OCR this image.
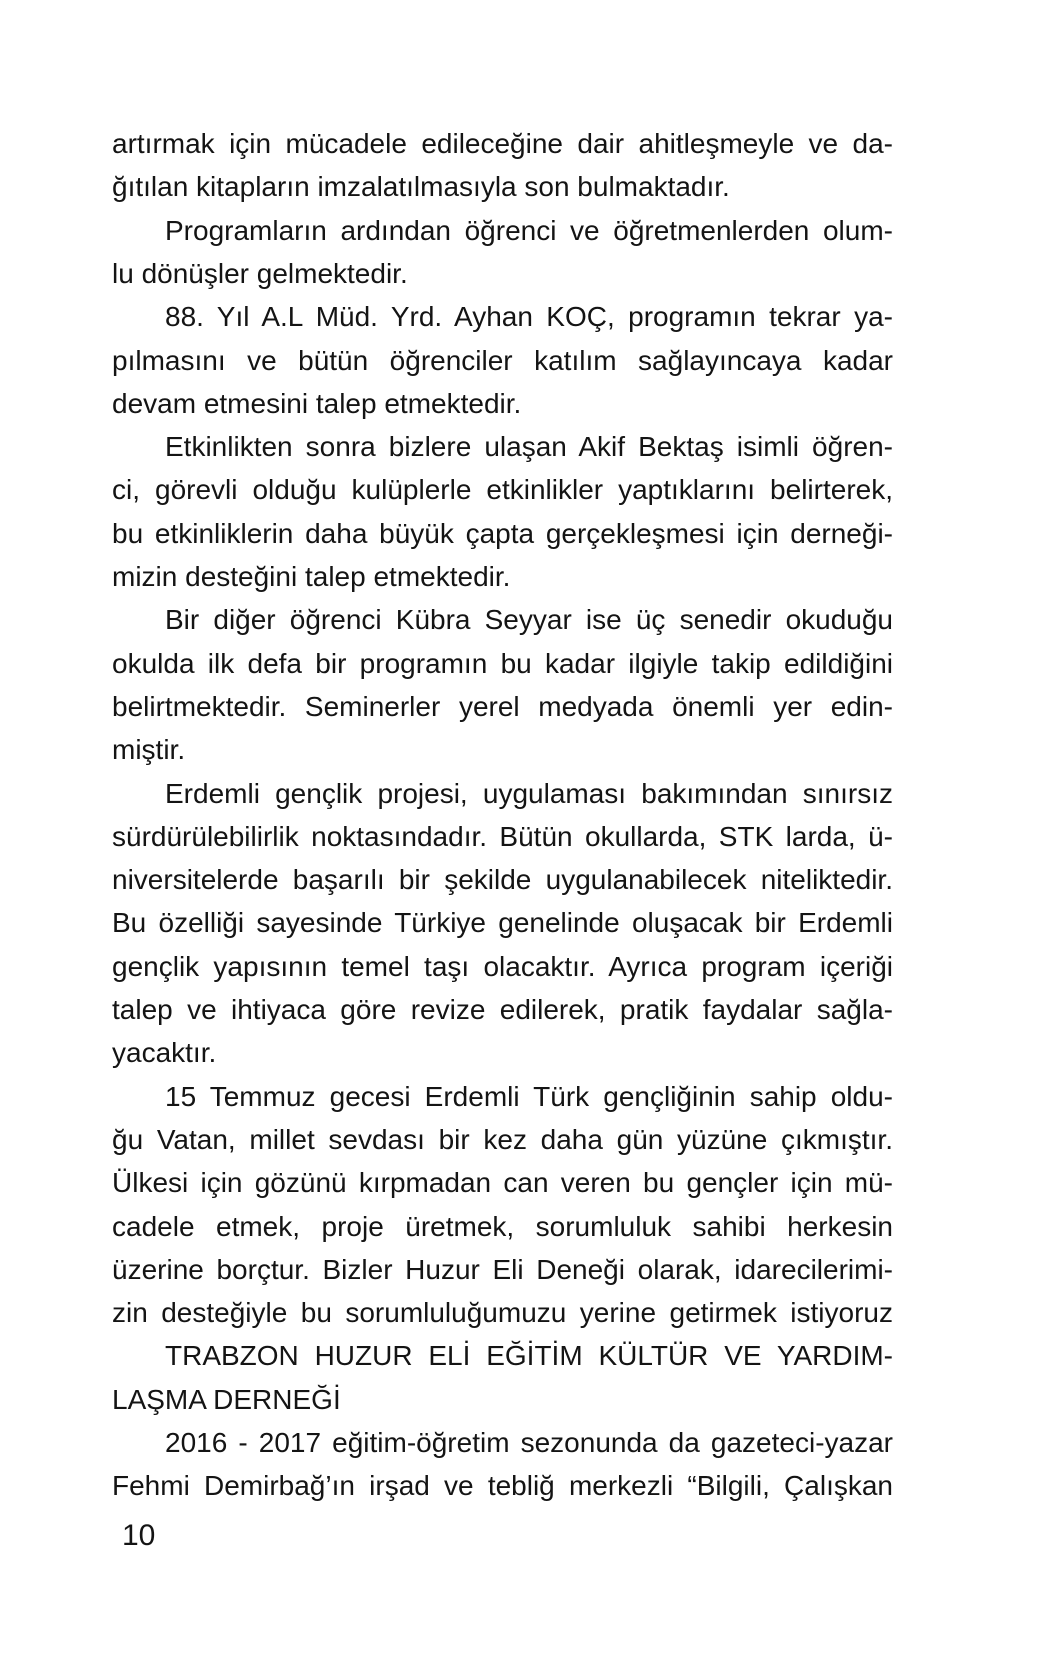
artırmak için mücadele edileceğine dair ahitleşmeyle ve da-
ğıtılan kitapların imzalatılmasıyla son bulmaktadır.
Programların ardından öğrenci ve öğretmenlerden olum-
lu dönüşler gelmektedir.
88. Yıl A.L Müd. Yrd. Ayhan KOÇ, programın tekrar ya-
pılmasını ve bütün öğrenciler katılım sağlayıncaya kadar
devam etmesini talep etmektedir.
Etkinlikten sonra bizlere ulaşan Akif Bektaş isimli öğren-
ci, görevli olduğu kulüplerle etkinlikler yaptıklarını belirterek,
bu etkinliklerin daha büyük çapta gerçekleşmesi için derneği-
mizin desteğini talep etmektedir.
Bir diğer öğrenci Kübra Seyyar ise üç senedir okuduğu
okulda ilk defa bir programın bu kadar ilgiyle takip edildiğini
belirtmektedir. Seminerler yerel medyada önemli yer edin-
miştir.
Erdemli gençlik projesi, uygulaması bakımından sınırsız
sürdürülebilirlik noktasındadır. Bütün okullarda, STK larda, ü-
niversitelerde başarılı bir şekilde uygulanabilecek niteliktedir.
Bu özelliği sayesinde Türkiye genelinde oluşacak bir Erdemli
gençlik yapısının temel taşı olacaktır. Ayrıca program içeriği
talep ve ihtiyaca göre revize edilerek, pratik faydalar sağla-
yacaktır.
15 Temmuz gecesi Erdemli Türk gençliğinin sahip oldu-
ğu Vatan, millet sevdası bir kez daha gün yüzüne çıkmıştır.
Ülkesi için gözünü kırpmadan can veren bu gençler için mü-
cadele etmek, proje üretmek, sorumluluk sahibi herkesin
üzerine borçtur. Bizler Huzur Eli Deneği olarak, idarecilerimi-
zin desteğiyle bu sorumluluğumuzu yerine getirmek istiyoruz
TRABZON HUZUR ELİ EĞİTİM KÜLTÜR VE YARDIM-
LAŞMA DERNEĞİ
2016 - 2017 eğitim-öğretim sezonunda da gazeteci-yazar
Fehmi Demirbağ’ın irşad ve tebliğ merkezli “Bilgili, Çalışkan
10
